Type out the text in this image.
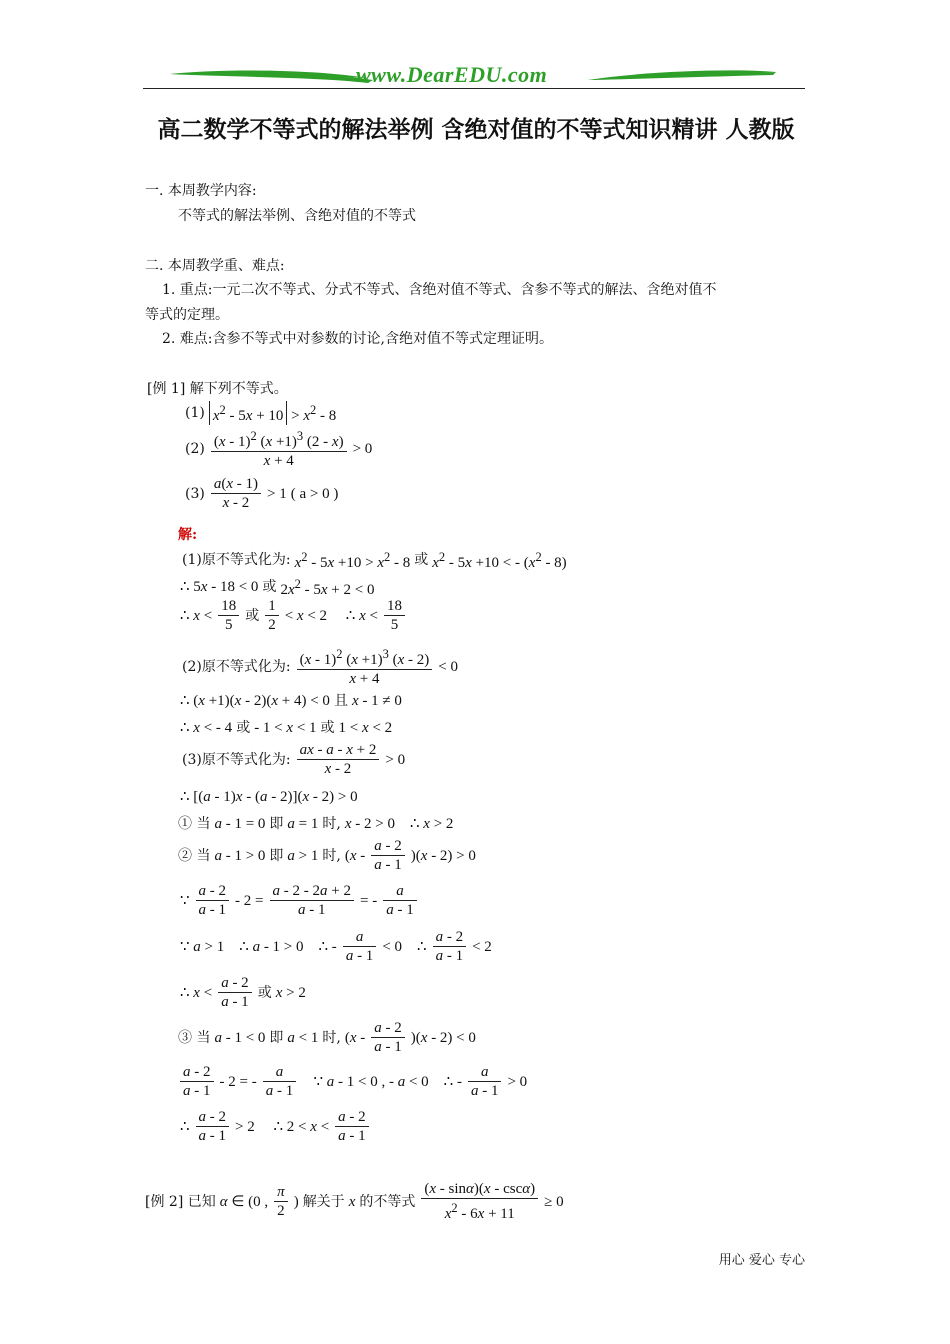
www.DearEDU.com
高二数学不等式的解法举例 含绝对值的不等式知识精讲 人教版
一. 本周教学内容:
不等式的解法举例、含绝对值的不等式
二. 本周教学重、难点:
1. 重点:一元二次不等式、分式不等式、含绝对值不等式、含参不等式的解法、含绝对值不
等式的定理。
2. 难点:含参不等式中对参数的讨论,含绝对值不等式定理证明。
[例 1] 解下列不等式。
(1) $x^2 - 5x + 10 > x^2 - 8$
$(2) \frac{(x - 1)^2 (x +1)^3 (2 - x)}{x + 4} > 0$
$(3) \frac{a(x - 1)}{x - 2} > 1$ ( a > 0 )
解:
(1)原不等式化为: $x^2 - 5x +10 > x^2 - 8$ 或 $x^2 - 5x +10$ < - $(x^2 - 8)$
∴ 5x - 18 < 0 或 $2x^2 - 5x + 2 < 0$
∴ $x < \frac{18}{5}$ 或 $\frac{1}{2} < x < 2$     ∴ $x < \frac{18}{5}$
(2)原不等式化为: $\frac{(x - 1)^2 (x +1)^3 (x - 2)}{x + 4} < 0$
∴ (x +1)(x - 2)(x + 4) < 0 且 x - 1 ≠ 0
∴ x < - 4 或 - 1 < x < 1 或 1 < x < 2
(3)原不等式化为: $\frac{ax - a - x + 2}{x - 2} > 0$
∴ [(a - 1)x - (a - 2)](x - 2) > 0
① 当 a - 1 = 0 即 a = 1 时, x - 2 > 0    ∴ x > 2
② 当 a - 1 > 0 即 a > 1 时, $(x - \frac{a - 2}{a - 1} )(x - 2) > 0$
∵ $\frac{a - 2}{a - 1} - 2 = \frac{a - 2 - 2a + 2}{a - 1}$ = - $\frac{a}{a - 1}$
∵ a > 1    ∴ a - 1 > 0    ∴ - $\frac{a}{a - 1} < 0$    ∴ $\frac{a - 2}{a - 1} < 2$
∴ $x < \frac{a - 2}{a - 1}$ 或 x > 2
③ 当 a - 1 < 0 即 a < 1 时, $(x - \frac{a - 2}{a - 1} )(x - 2) < 0$
$\frac{a - 2}{a - 1} - 2$ = - $\frac{a}{a - 1}$ ∵ a - 1 < 0 , - a < 0    ∴ - $\frac{a}{a - 1} > 0$
∴ $\frac{a - 2}{a - 1} > 2$     ∴ $2 < x < \frac{a - 2}{a - 1}$
[例 2] 已知 α ∈ (0 , $\frac{\pi}{2}$ ) 解关于 x 的不等式 $\frac{(x - \sin\alpha)(x - \csc\alpha)}{x^2 - 6x + 11} \ge 0$
用心 爱心 专心
